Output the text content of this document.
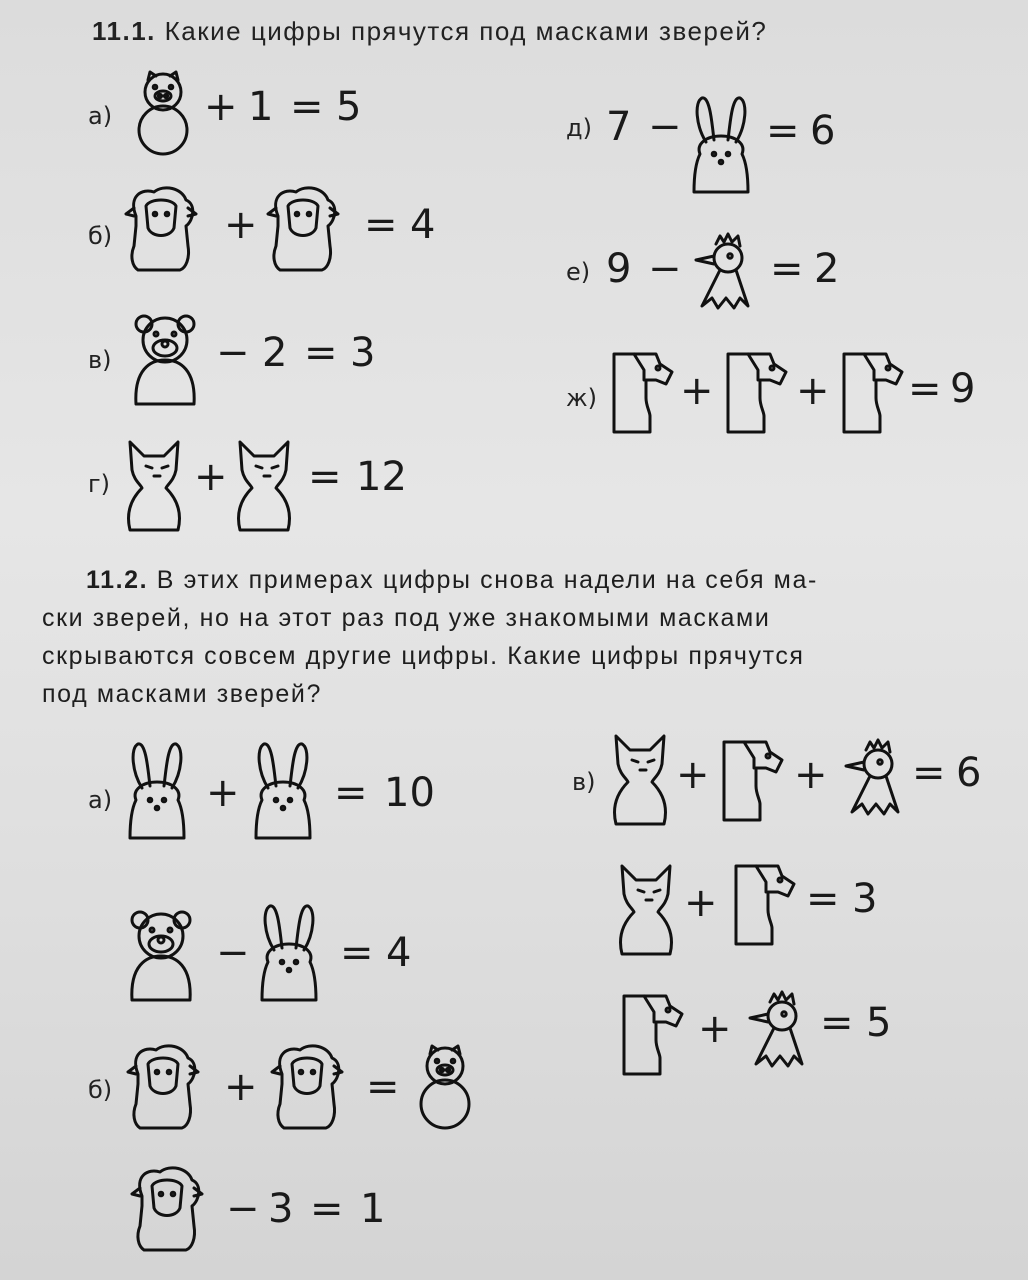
11.1. Какие цифры прячутся под масками зверей?
а) + 1 = 5
б)	+	= 4
в)	− 2 = 3
г) + = 12
д) 7 − = 6
е) 9 − = 2
ж) + + = 9
11.2. В этих примерах цифры снова надели на себя ма-
ски зверей, но на этот раз под уже знакомыми масками
скрываются совсем другие цифры. Какие цифры прячутся
под масками зверей?
а) + = 10
− = 4
б)	+	=
− 3 = 1
в) + + = 6
+ = 3
+ = 5
